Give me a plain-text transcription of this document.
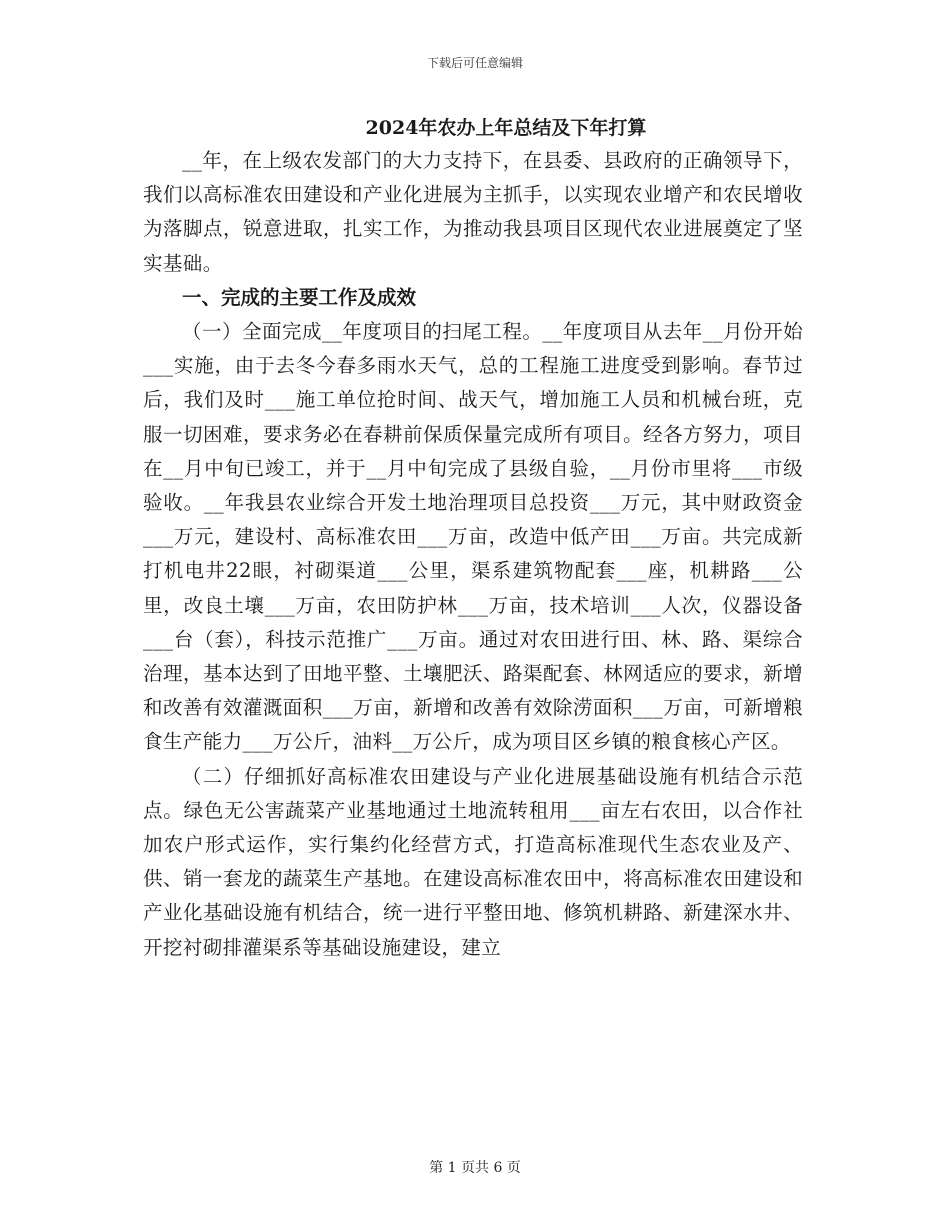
下载后可任意编辑
2024年农办上年总结及下年打算

__年，在上级农发部门的大力支持下，在县委、县政府的正确领导下，我们以高标准农田建设和产业化进展为主抓手，以实现农业增产和农民增收为落脚点，锐意进取，扎实工作，为推动我县项目区现代农业进展奠定了坚实基础。

一、完成的主要工作及成效

（一）全面完成__年度项目的扫尾工程。__年度项目从去年__月份开始___实施，由于去冬今春多雨水天气，总的工程施工进度受到影响。春节过后，我们及时___施工单位抢时间、战天气，增加施工人员和机械台班，克服一切困难，要求务必在春耕前保质保量完成所有项目。经各方努力，项目在__月中旬已竣工，并于__月中旬完成了县级自验，__月份市里将___市级验收。__年我县农业综合开发土地治理项目总投资___万元，其中财政资金___万元，建设村、高标准农田___万亩，改造中低产田___万亩。共完成新打机电井22眼，衬砌渠道___公里，渠系建筑物配套___座，机耕路___公里，改良土壤___万亩，农田防护林___万亩，技术培训___人次，仪器设备___台（套），科技示范推广___万亩。通过对农田进行田、林、路、渠综合治理，基本达到了田地平整、土壤肥沃、路渠配套、林网适应的要求，新增和改善有效灌溉面积___万亩，新增和改善有效除涝面积___万亩，可新增粮食生产能力___万公斤，油料__万公斤，成为项目区乡镇的粮食核心产区。

（二）仔细抓好高标准农田建设与产业化进展基础设施有机结合示范点。绿色无公害蔬菜产业基地通过土地流转租用___亩左右农田，以合作社加农户形式运作，实行集约化经营方式，打造高标准现代生态农业及产、供、销一套龙的蔬菜生产基地。在建设高标准农田中，将高标准农田建设和产业化基础设施有机结合，统一进行平整田地、修筑机耕路、新建深水井、开挖衬砌排灌渠系等基础设施建设，建立

第 1 页共 6 页
